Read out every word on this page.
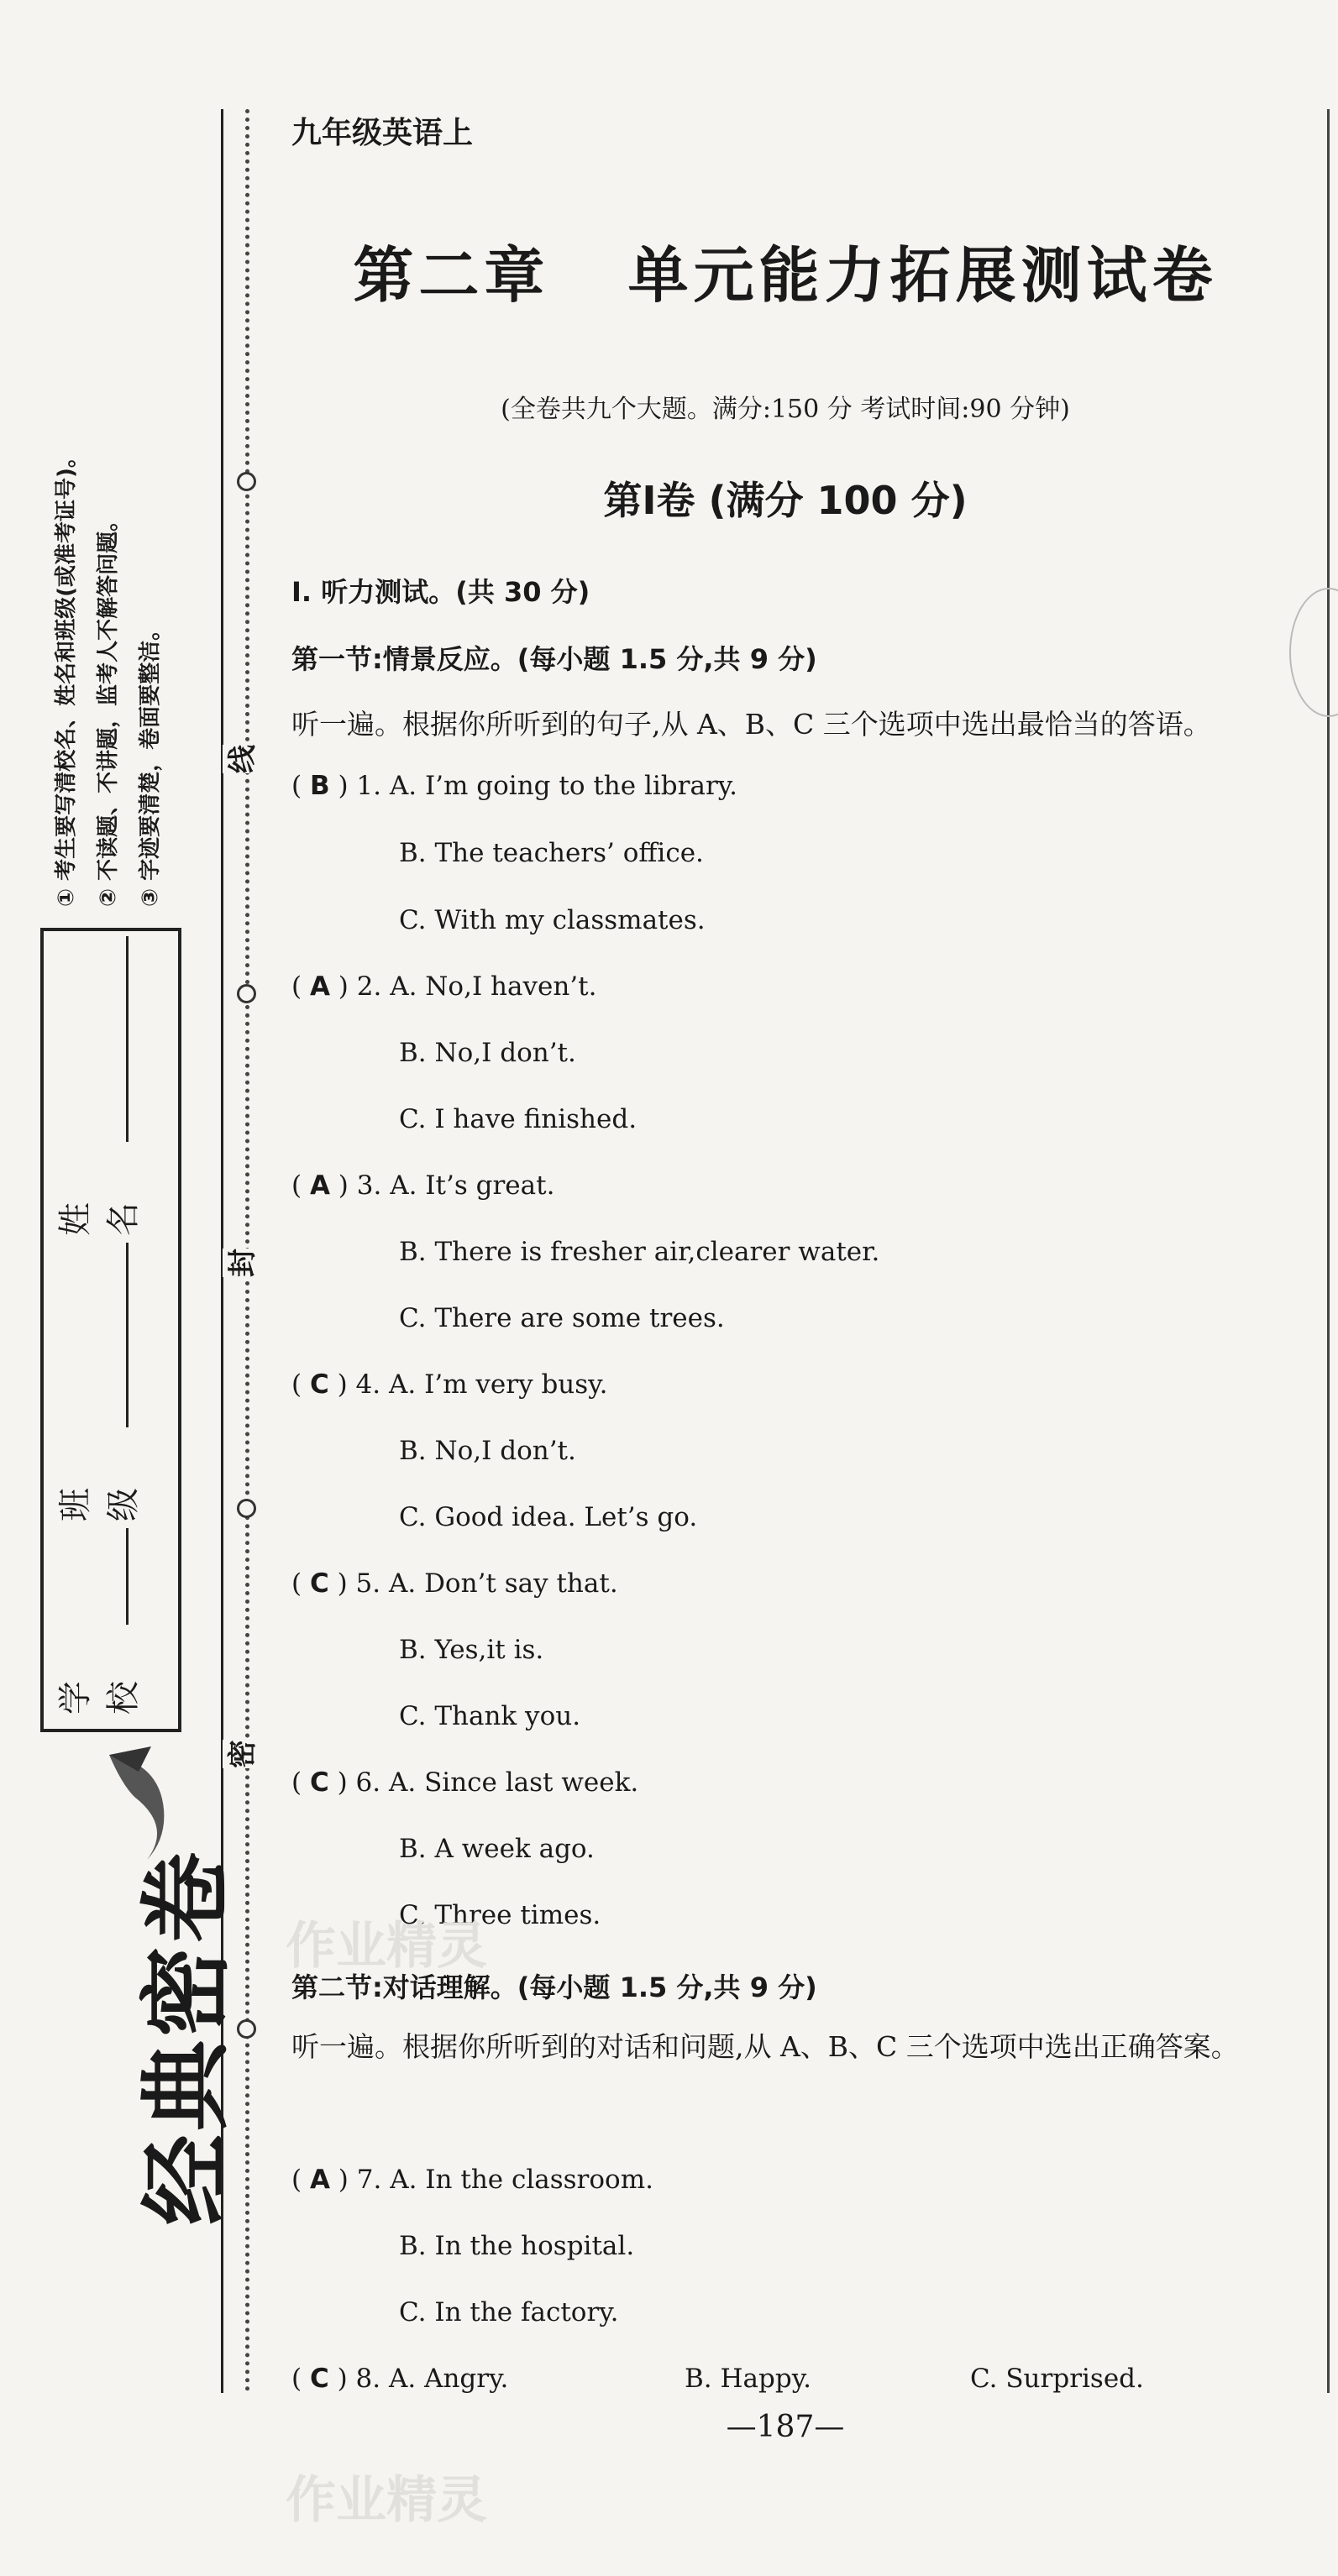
线
封
密
① 考生要写清校名、姓名和班级(或准考证号)。 ② 不读题、不讲题，监考人不解答问题。 ③ 字迹要清楚，卷面要整洁。
姓名
班级
学校
经典密卷
九年级英语上
第二章   单元能力拓展测试卷
(全卷共九个大题。满分:150 分 考试时间:90 分钟)
第Ⅰ卷 (满分 100 分)
Ⅰ. 听力测试。(共 30 分)
第一节:情景反应。(每小题 1.5 分,共 9 分)
听一遍。根据你所听到的句子,从 A、B、C 三个选项中选出最恰当的答语。
( B ) 1. A. I’m going to the library.
B. The teachers’ office.
C. With my classmates.
( A ) 2. A. No,I haven’t.
B. No,I don’t.
C. I have finished.
( A ) 3. A. It’s great.
B. There is fresher air,clearer water.
C. There are some trees.
( C ) 4. A. I’m very busy.
B. No,I don’t.
C. Good idea. Let’s go.
( C ) 5. A. Don’t say that.
B. Yes,it is.
C. Thank you.
( C ) 6. A. Since last week.
B. A week ago.
C. Three times.
第二节:对话理解。(每小题 1.5 分,共 9 分)
听一遍。根据你所听到的对话和问题,从 A、B、C 三个选项中选出正确答案。
( A ) 7. A. In the classroom.
B. In the hospital.
C. In the factory.
( C ) 8. A. Angry.	B. Happy.	C. Surprised.
—187—
作业精灵
作业精灵
